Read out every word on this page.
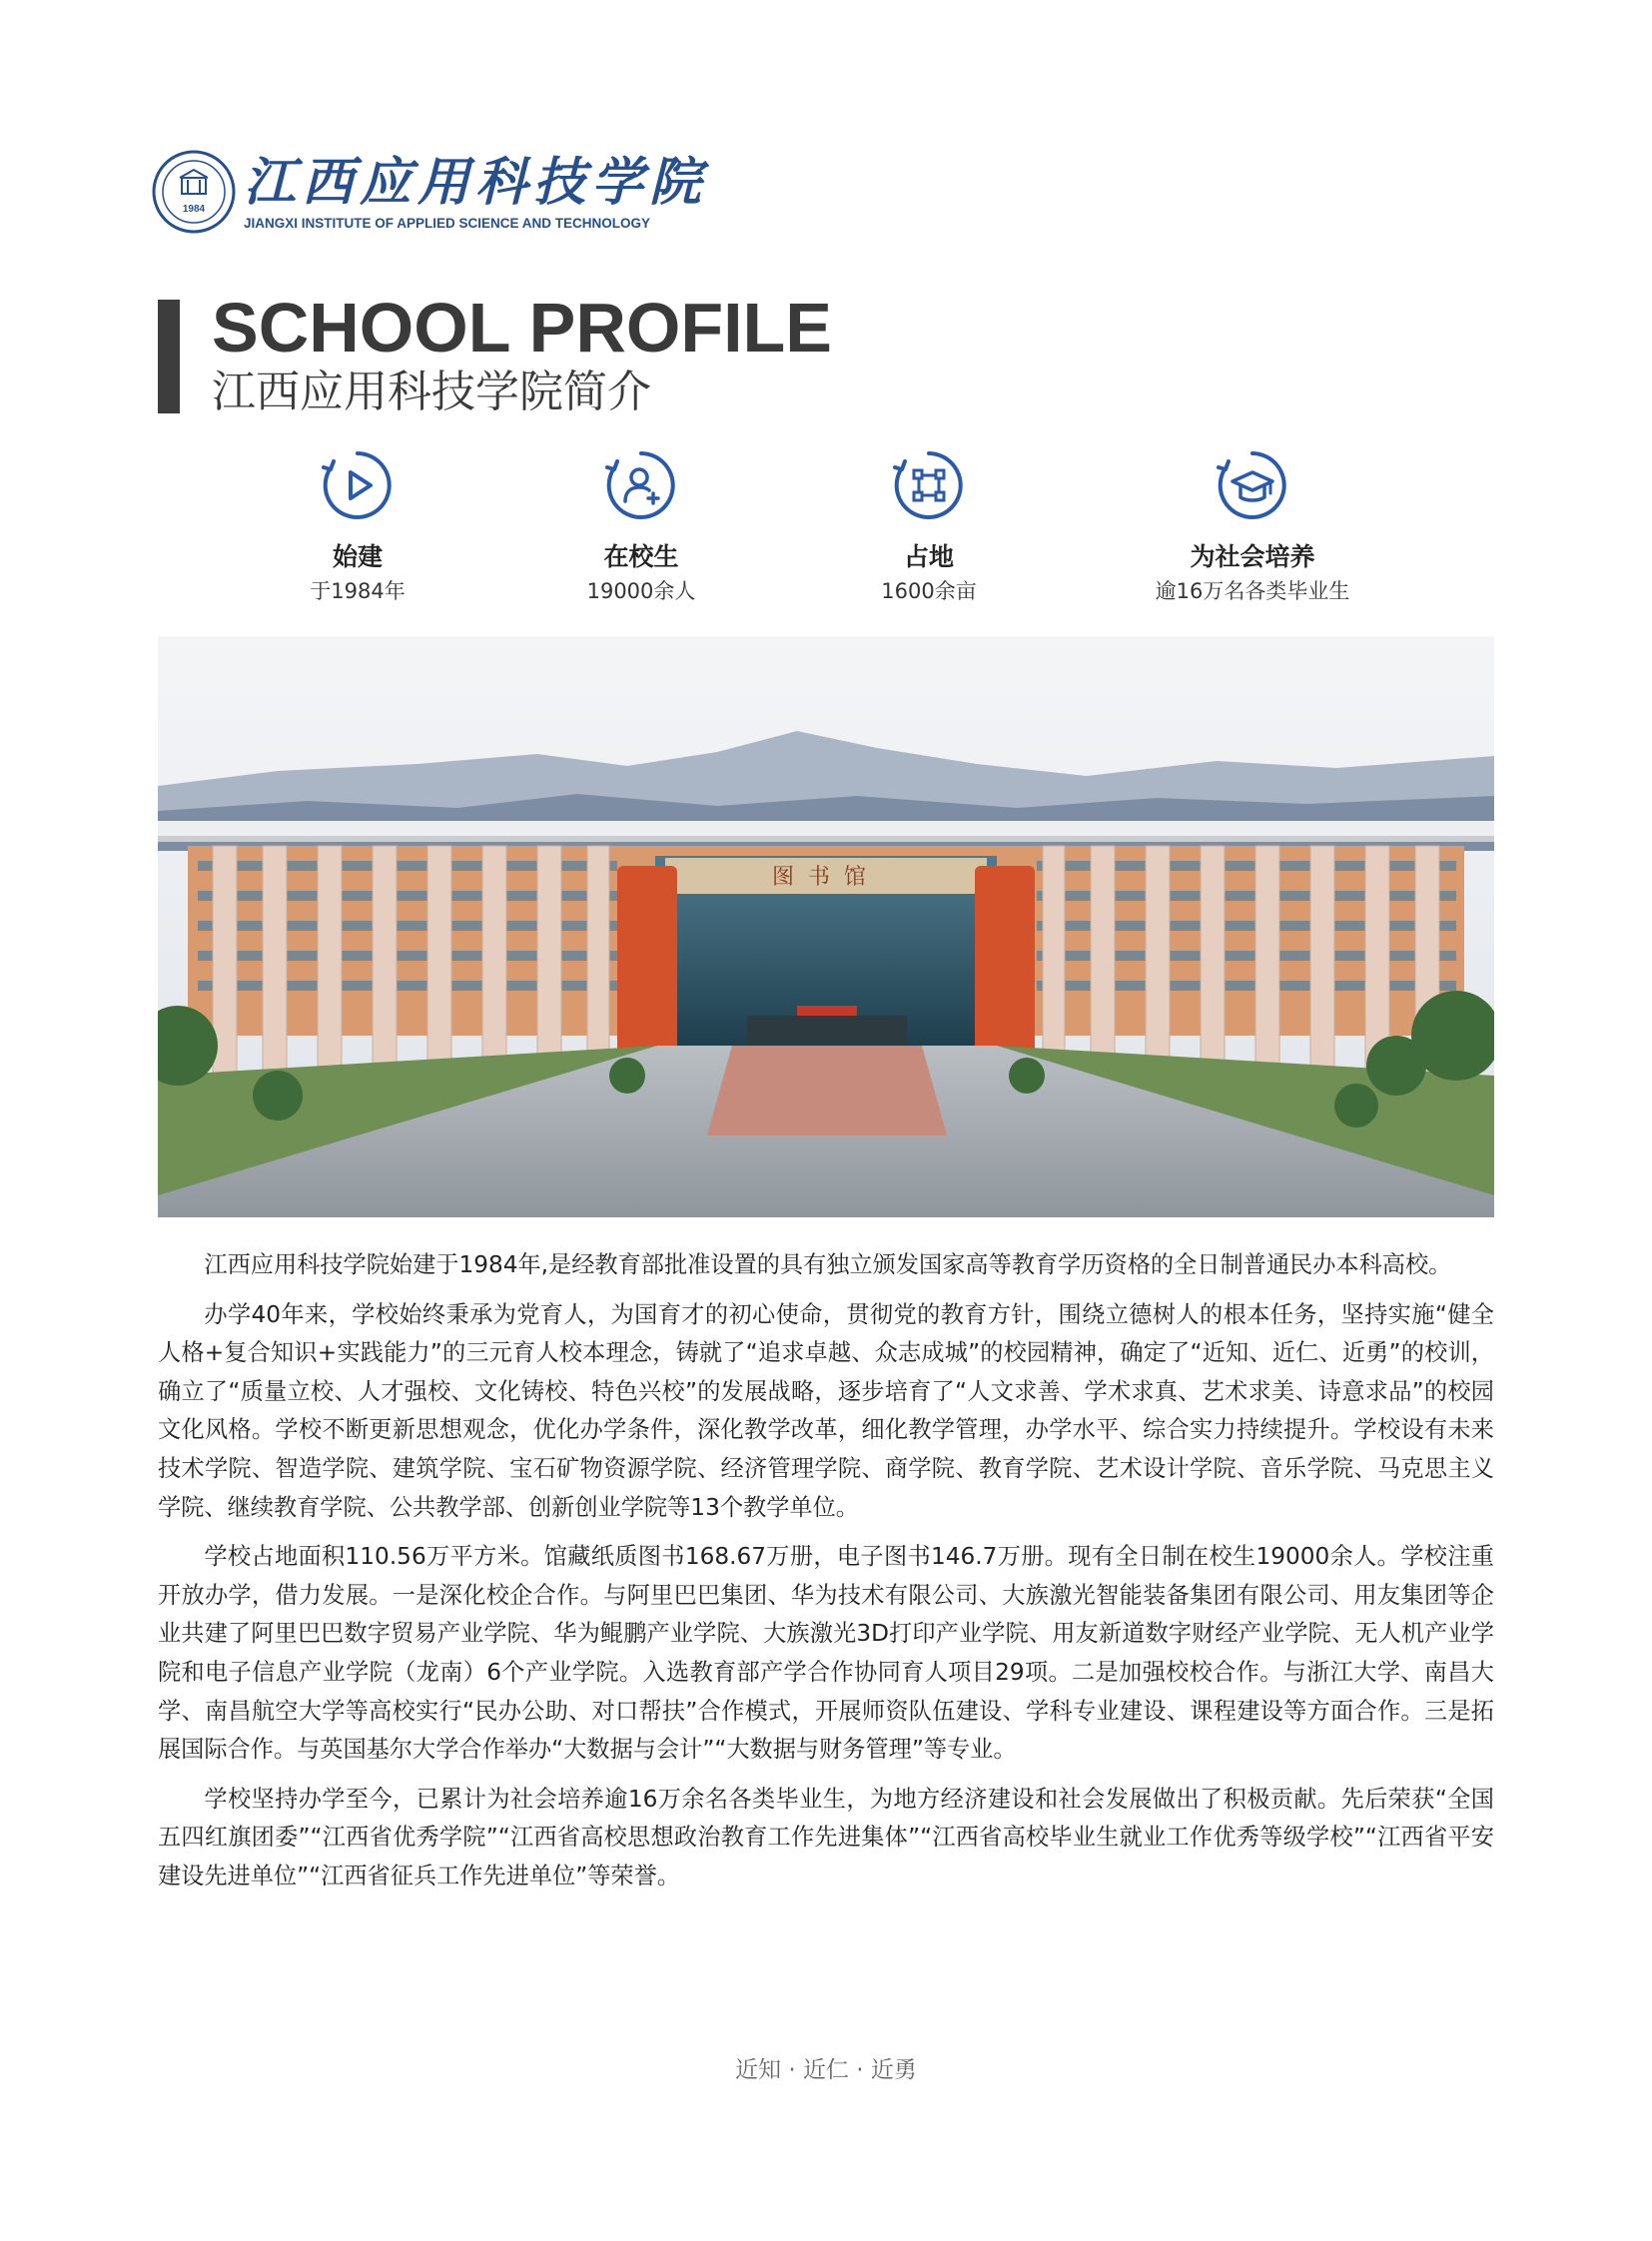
1984 江西应用科技学院
JIANGXI INSTITUTE OF APPLIED SCIENCE AND TECHNOLOGY
SCHOOL PROFILE
江西应用科技学院简介
始建
于1984年
在校生
19000余人
占地
1600余亩
为社会培养
逾16万名各类毕业生
图书馆

江西应用科技学院始建于1984年,是经教育部批准设置的具有独立颁发国家高等教育学历资格的全日制普通民办本科高校。

办学40年来，学校始终秉承为党育人，为国育才的初心使命，贯彻党的教育方针，围绕立德树人的根本任务，坚持实施“健全人格+复合知识+实践能力”的三元育人校本理念，铸就了“追求卓越、众志成城”的校园精神，确定了“近知、近仁、近勇”的校训，确立了“质量立校、人才强校、文化铸校、特色兴校”的发展战略，逐步培育了“人文求善、学术求真、艺术求美、诗意求品”的校园文化风格。学校不断更新思想观念，优化办学条件，深化教学改革，细化教学管理，办学水平、综合实力持续提升。学校设有未来技术学院、智造学院、建筑学院、宝石矿物资源学院、经济管理学院、商学院、教育学院、艺术设计学院、音乐学院、马克思主义学院、继续教育学院、公共教学部、创新创业学院等13个教学单位。

学校占地面积110.56万平方米。馆藏纸质图书168.67万册，电子图书146.7万册。现有全日制在校生19000余人。学校注重开放办学，借力发展。一是深化校企合作。与阿里巴巴集团、华为技术有限公司、大族激光智能装备集团有限公司、用友集团等企业共建了阿里巴巴数字贸易产业学院、华为鲲鹏产业学院、大族激光3D打印产业学院、用友新道数字财经产业学院、无人机产业学院和电子信息产业学院（龙南）6个产业学院。入选教育部产学合作协同育人项目29项。二是加强校校合作。与浙江大学、南昌大学、南昌航空大学等高校实行“民办公助、对口帮扶”合作模式，开展师资队伍建设、学科专业建设、课程建设等方面合作。三是拓展国际合作。与英国基尔大学合作举办“大数据与会计”“大数据与财务管理”等专业。

学校坚持办学至今，已累计为社会培养逾16万余名各类毕业生，为地方经济建设和社会发展做出了积极贡献。先后荣获“全国五四红旗团委”“江西省优秀学院”“江西省高校思想政治教育工作先进集体”“江西省高校毕业生就业工作优秀等级学校”“江西省平安建设先进单位”“江西省征兵工作先进单位”等荣誉。

近知 · 近仁 · 近勇
